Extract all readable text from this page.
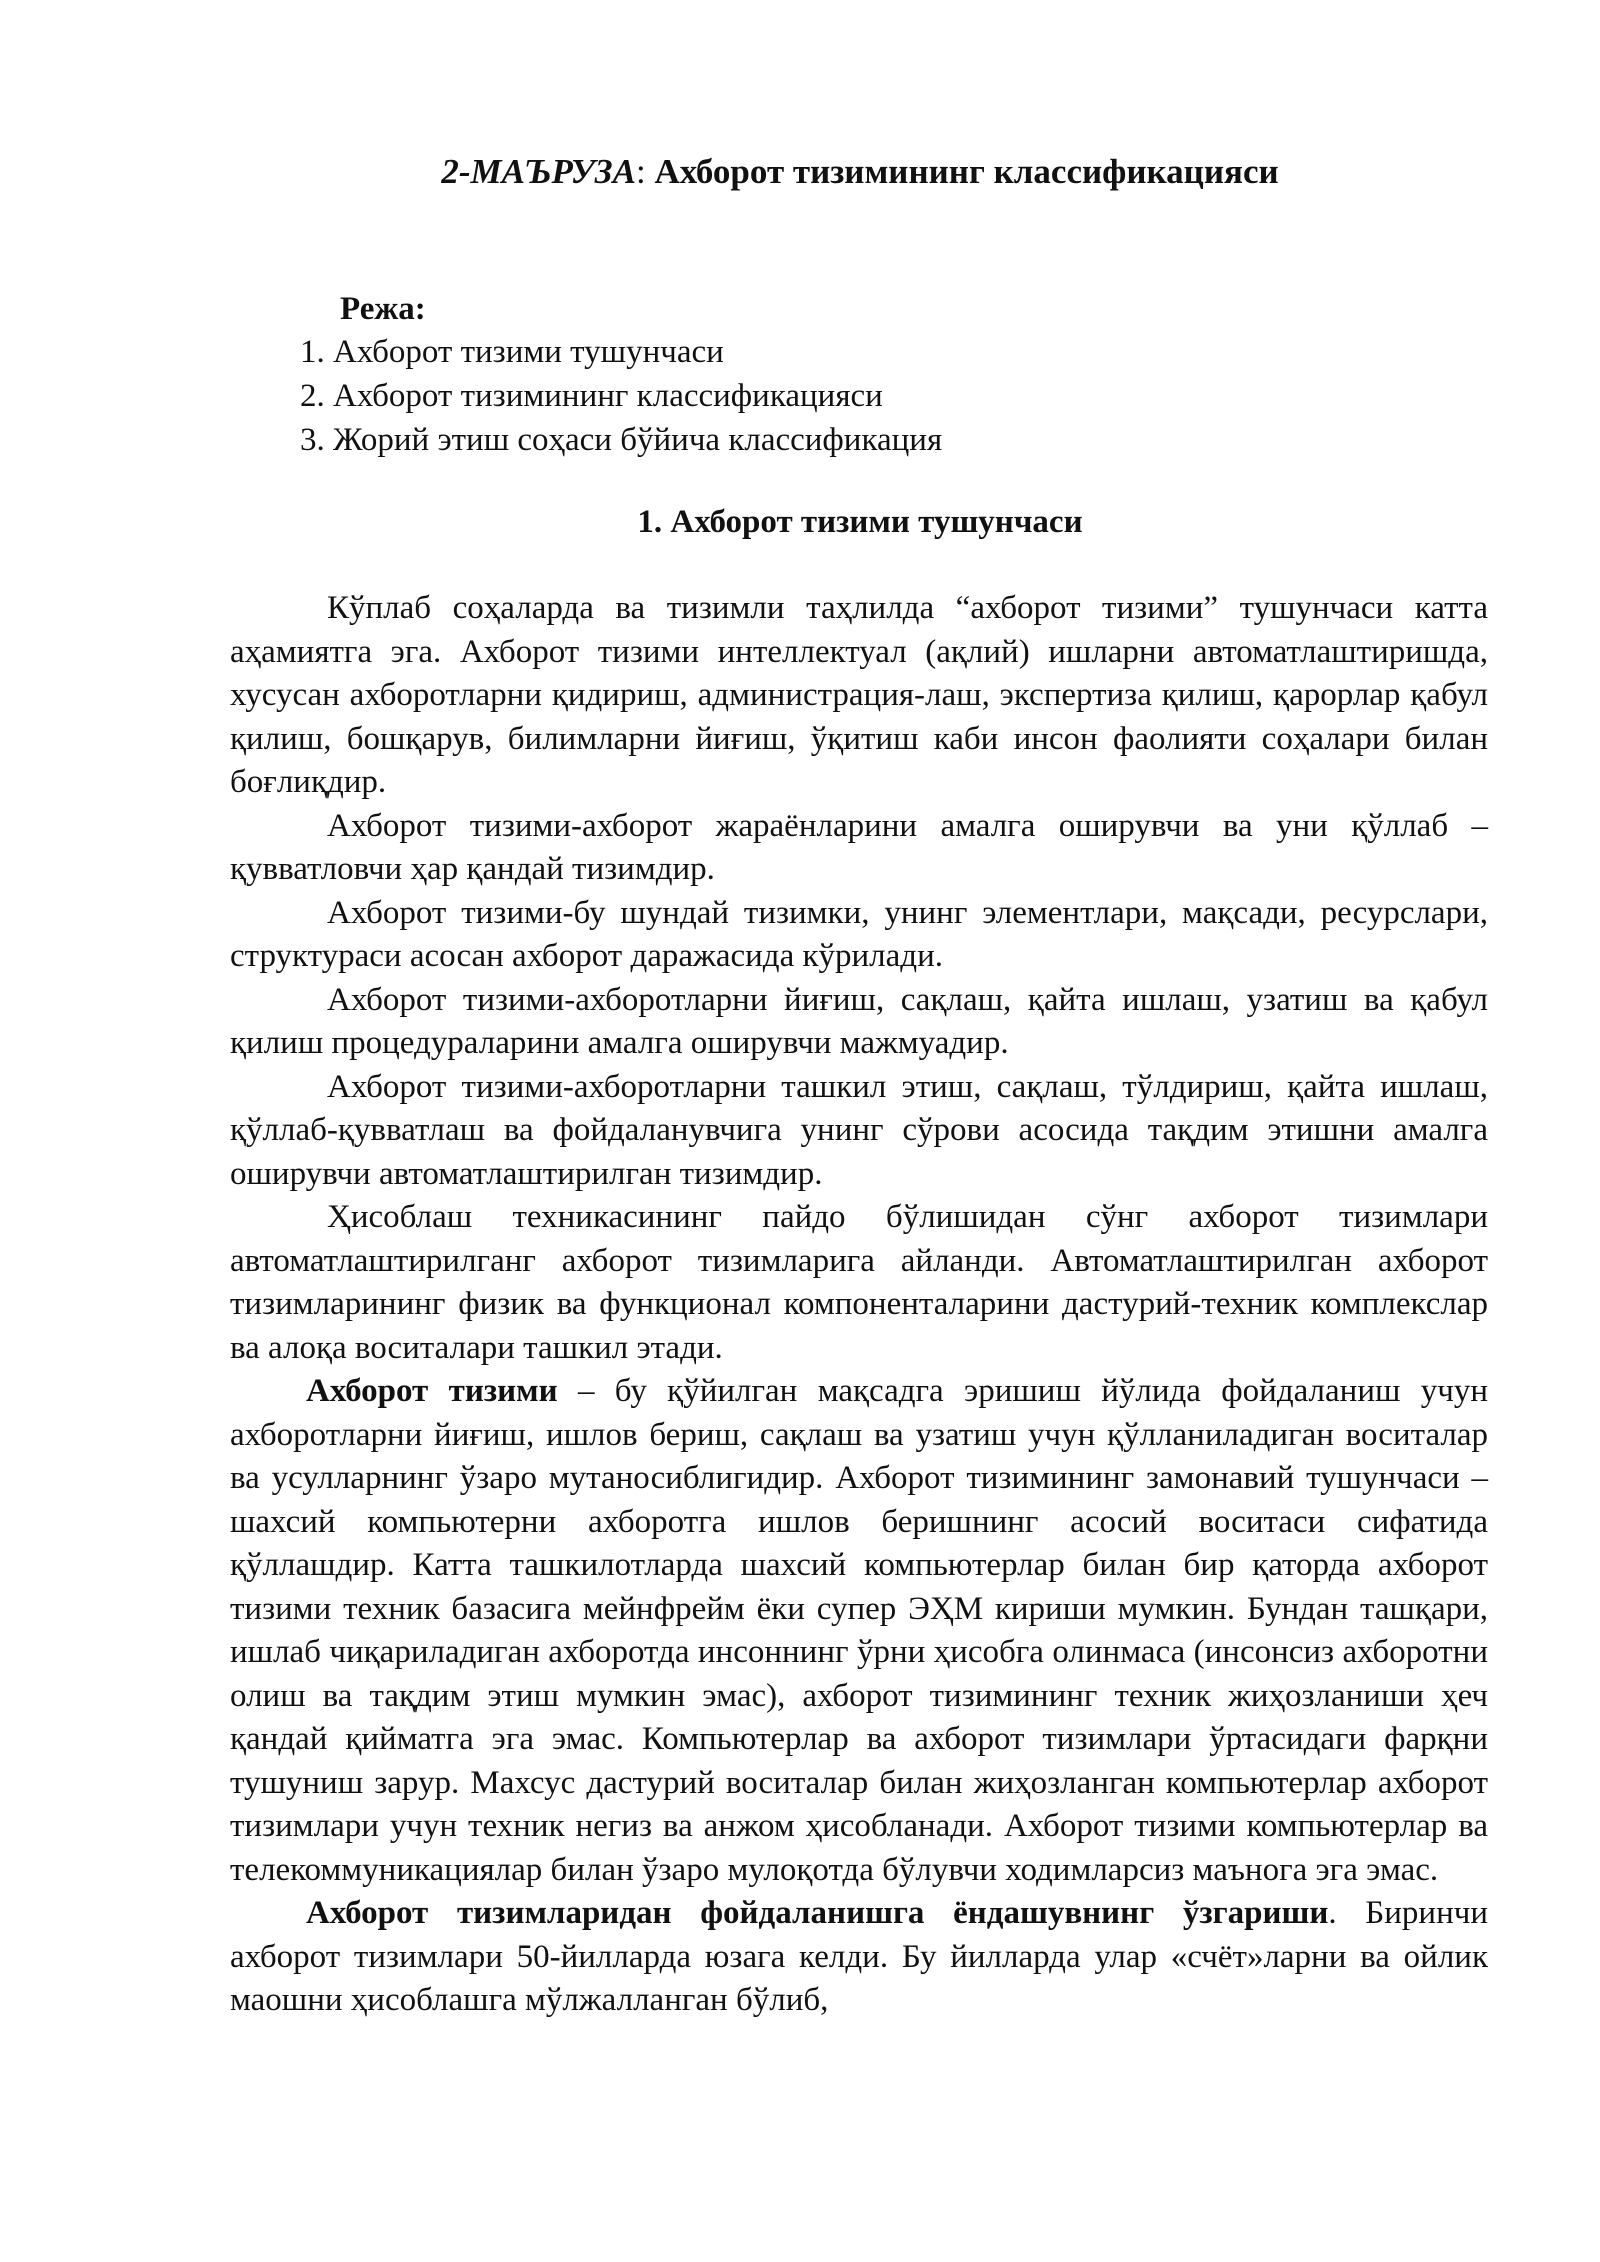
2-МАЪРУЗА: Ахборот тизимининг классификацияси
Режа:
1. Ахборот тизими тушунчаси
2. Ахборот тизимининг классификацияси
3. Жорий этиш соҳаси бўйича классификация
1. Ахборот тизими тушунчаси

Кўплаб соҳаларда ва тизимли таҳлилда “ахборот тизими” тушунчаси катта аҳамиятга эга. Ахборот тизими интеллектуал (ақлий) ишларни автоматлаштиришда, хусусан ахборотларни қидириш, администрация-лаш, экспертиза қилиш, қарорлар қабул қилиш, бошқарув, билимларни йиғиш, ўқитиш каби инсон фаолияти соҳалари билан боғлиқдир.

Ахборот тизими-ахборот жараёнларини амалга оширувчи ва уни қўллаб –қувватловчи ҳар қандай тизимдир.

Ахборот тизими-бу шундай тизимки, унинг элементлари, мақсади, ресурслари, структураси асосан ахборот даражасида кўрилади.

Ахборот тизими-ахборотларни йиғиш, сақлаш, қайта ишлаш, узатиш ва қабул қилиш процедураларини амалга оширувчи мажмуадир.

Ахборот тизими-ахборотларни ташкил этиш, сақлаш, тўлдириш, қайта ишлаш, қўллаб-қувватлаш ва фойдаланувчига унинг сўрови асосида тақдим этишни амалга оширувчи автоматлаштирилган тизимдир.

Ҳисоблаш техникасининг пайдо бўлишидан сўнг ахборот тизимлари автоматлаштирилганг ахборот тизимларига айланди. Автоматлаштирилган ахборот тизимларининг физик ва функционал компоненталарини дастурий-техник комплекслар ва алоқа воситалари ташкил этади.

Ахборот тизими – бу қўйилган мақсадга эришиш йўлида фойдаланиш учун ахборотларни йиғиш, ишлов бериш, сақлаш ва узатиш учун қўлланиладиган воситалар ва усулларнинг ўзаро мутаносиблигидир. Ахборот тизимининг замонавий тушунчаси – шахсий компьютерни ахборотга ишлов беришнинг асосий воситаси сифатида қўллашдир. Катта ташкилотларда шахсий компьютерлар билан бир қаторда ахборот тизими техник базасига мейнфрейм ёки супер ЭҲМ кириши мумкин. Бундан ташқари, ишлаб чиқариладиган ахборотда инсоннинг ўрни ҳисобга олинмаса (инсонсиз ахборотни олиш ва тақдим этиш мумкин эмас), ахборот тизимининг техник жиҳозланиши ҳеч қандай қийматга эга эмас. Компьютерлар ва ахборот тизимлари ўртасидаги фарқни тушуниш зарур. Махсус дастурий воситалар билан жиҳозланган компьютерлар ахборот тизимлари учун техник негиз ва анжом ҳисобланади. Ахборот тизими компьютерлар ва телекоммуникациялар билан ўзаро мулоқотда бўлувчи ходимларсиз маънога эга эмас.

Ахборот тизимларидан фойдаланишга ёндашувнинг ўзгариши. Биринчи ахборот тизимлари 50-йилларда юзага келди. Бу йилларда улар «счёт»ларни ва ойлик маошни ҳисоблашга мўлжалланган бўлиб,
